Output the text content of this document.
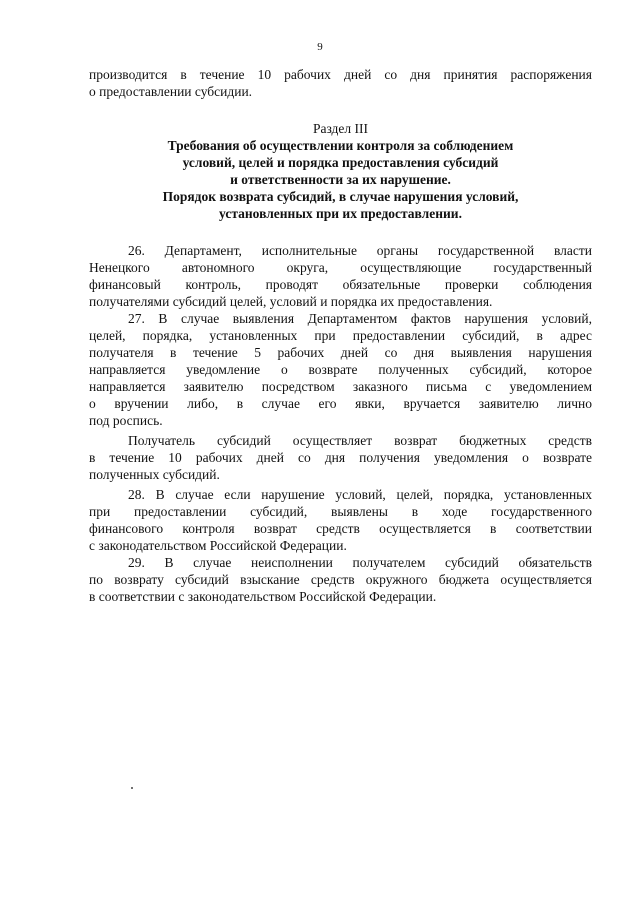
9
производится в течение 10 рабочих дней со дня принятия распоряжения
о предоставлении субсидии.
Раздел III
Требования об осуществлении контроля за соблюдением
условий, целей и порядка предоставления субсидий
и ответственности за их нарушение.
Порядок возврата субсидий, в случае нарушения условий,
установленных при их предоставлении.
26. Департамент, исполнительные органы государственной власти
Ненецкого автономного округа, осуществляющие государственный
финансовый контроль, проводят обязательные проверки соблюдения
получателями субсидий целей, условий и порядка их предоставления.
27. В случае выявления Департаментом фактов нарушения условий,
целей, порядка, установленных при предоставлении субсидий, в адрес
получателя в течение 5 рабочих дней со дня выявления нарушения
направляется уведомление о возврате полученных субсидий, которое
направляется заявителю посредством заказного письма с уведомлением
о вручении либо, в случае его явки, вручается заявителю лично
под роспись.
Получатель субсидий осуществляет возврат бюджетных средств
в течение 10 рабочих дней со дня получения уведомления о возврате
полученных субсидий.
28. В случае если нарушение условий, целей, порядка, установленных
при предоставлении субсидий, выявлены в ходе государственного
финансового контроля возврат средств осуществляется в соответствии
с законодательством Российской Федерации.
29. В случае неисполнении получателем субсидий обязательств
по возврату субсидий взыскание средств окружного бюджета осуществляется
в соответствии с законодательством Российской Федерации.
